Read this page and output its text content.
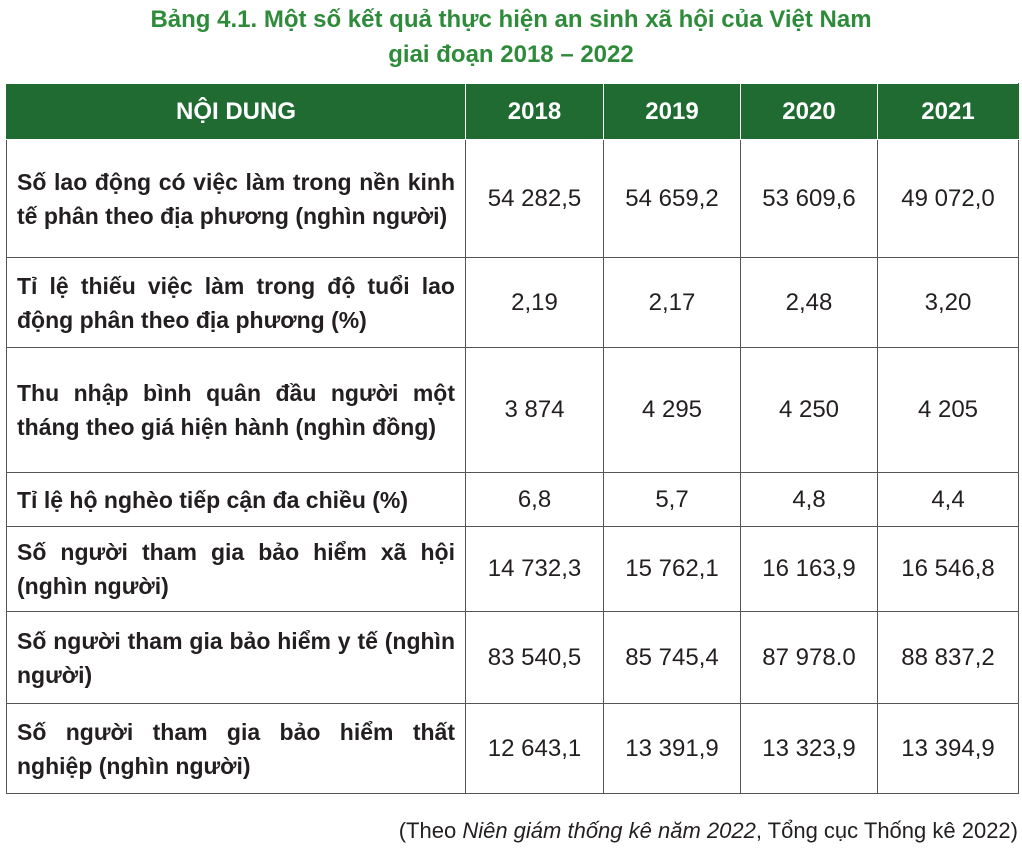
Bảng 4.1. Một số kết quả thực hiện an sinh xã hội của Việt Nam
giai đoạn 2018 – 2022
NỘI DUNG	2018	2019	2020	2021
Số lao động có việc làm trong nền kinh tế phân theo địa phương (nghìn người)	54 282,5	54 659,2	53 609,6	49 072,0
Tỉ lệ thiếu việc làm trong độ tuổi lao động phân theo địa phương (%)	2,19	2,17	2,48	3,20
Thu nhập bình quân đầu người một tháng theo giá hiện hành (nghìn đồng)	3 874	4 295	4 250	4 205
Tỉ lệ hộ nghèo tiếp cận đa chiều (%)	6,8	5,7	4,8	4,4
Số người tham gia bảo hiểm xã hội (nghìn người)	14 732,3	15 762,1	16 163,9	16 546,8
Số người tham gia bảo hiểm y tế (nghìn người)	83 540,5	85 745,4	87 978.0	88 837,2
Số người tham gia bảo hiểm thất nghiệp (nghìn người)	12 643,1	13 391,9	13 323,9	13 394,9
(Theo Niên giám thống kê năm 2022, Tổng cục Thống kê 2022)
